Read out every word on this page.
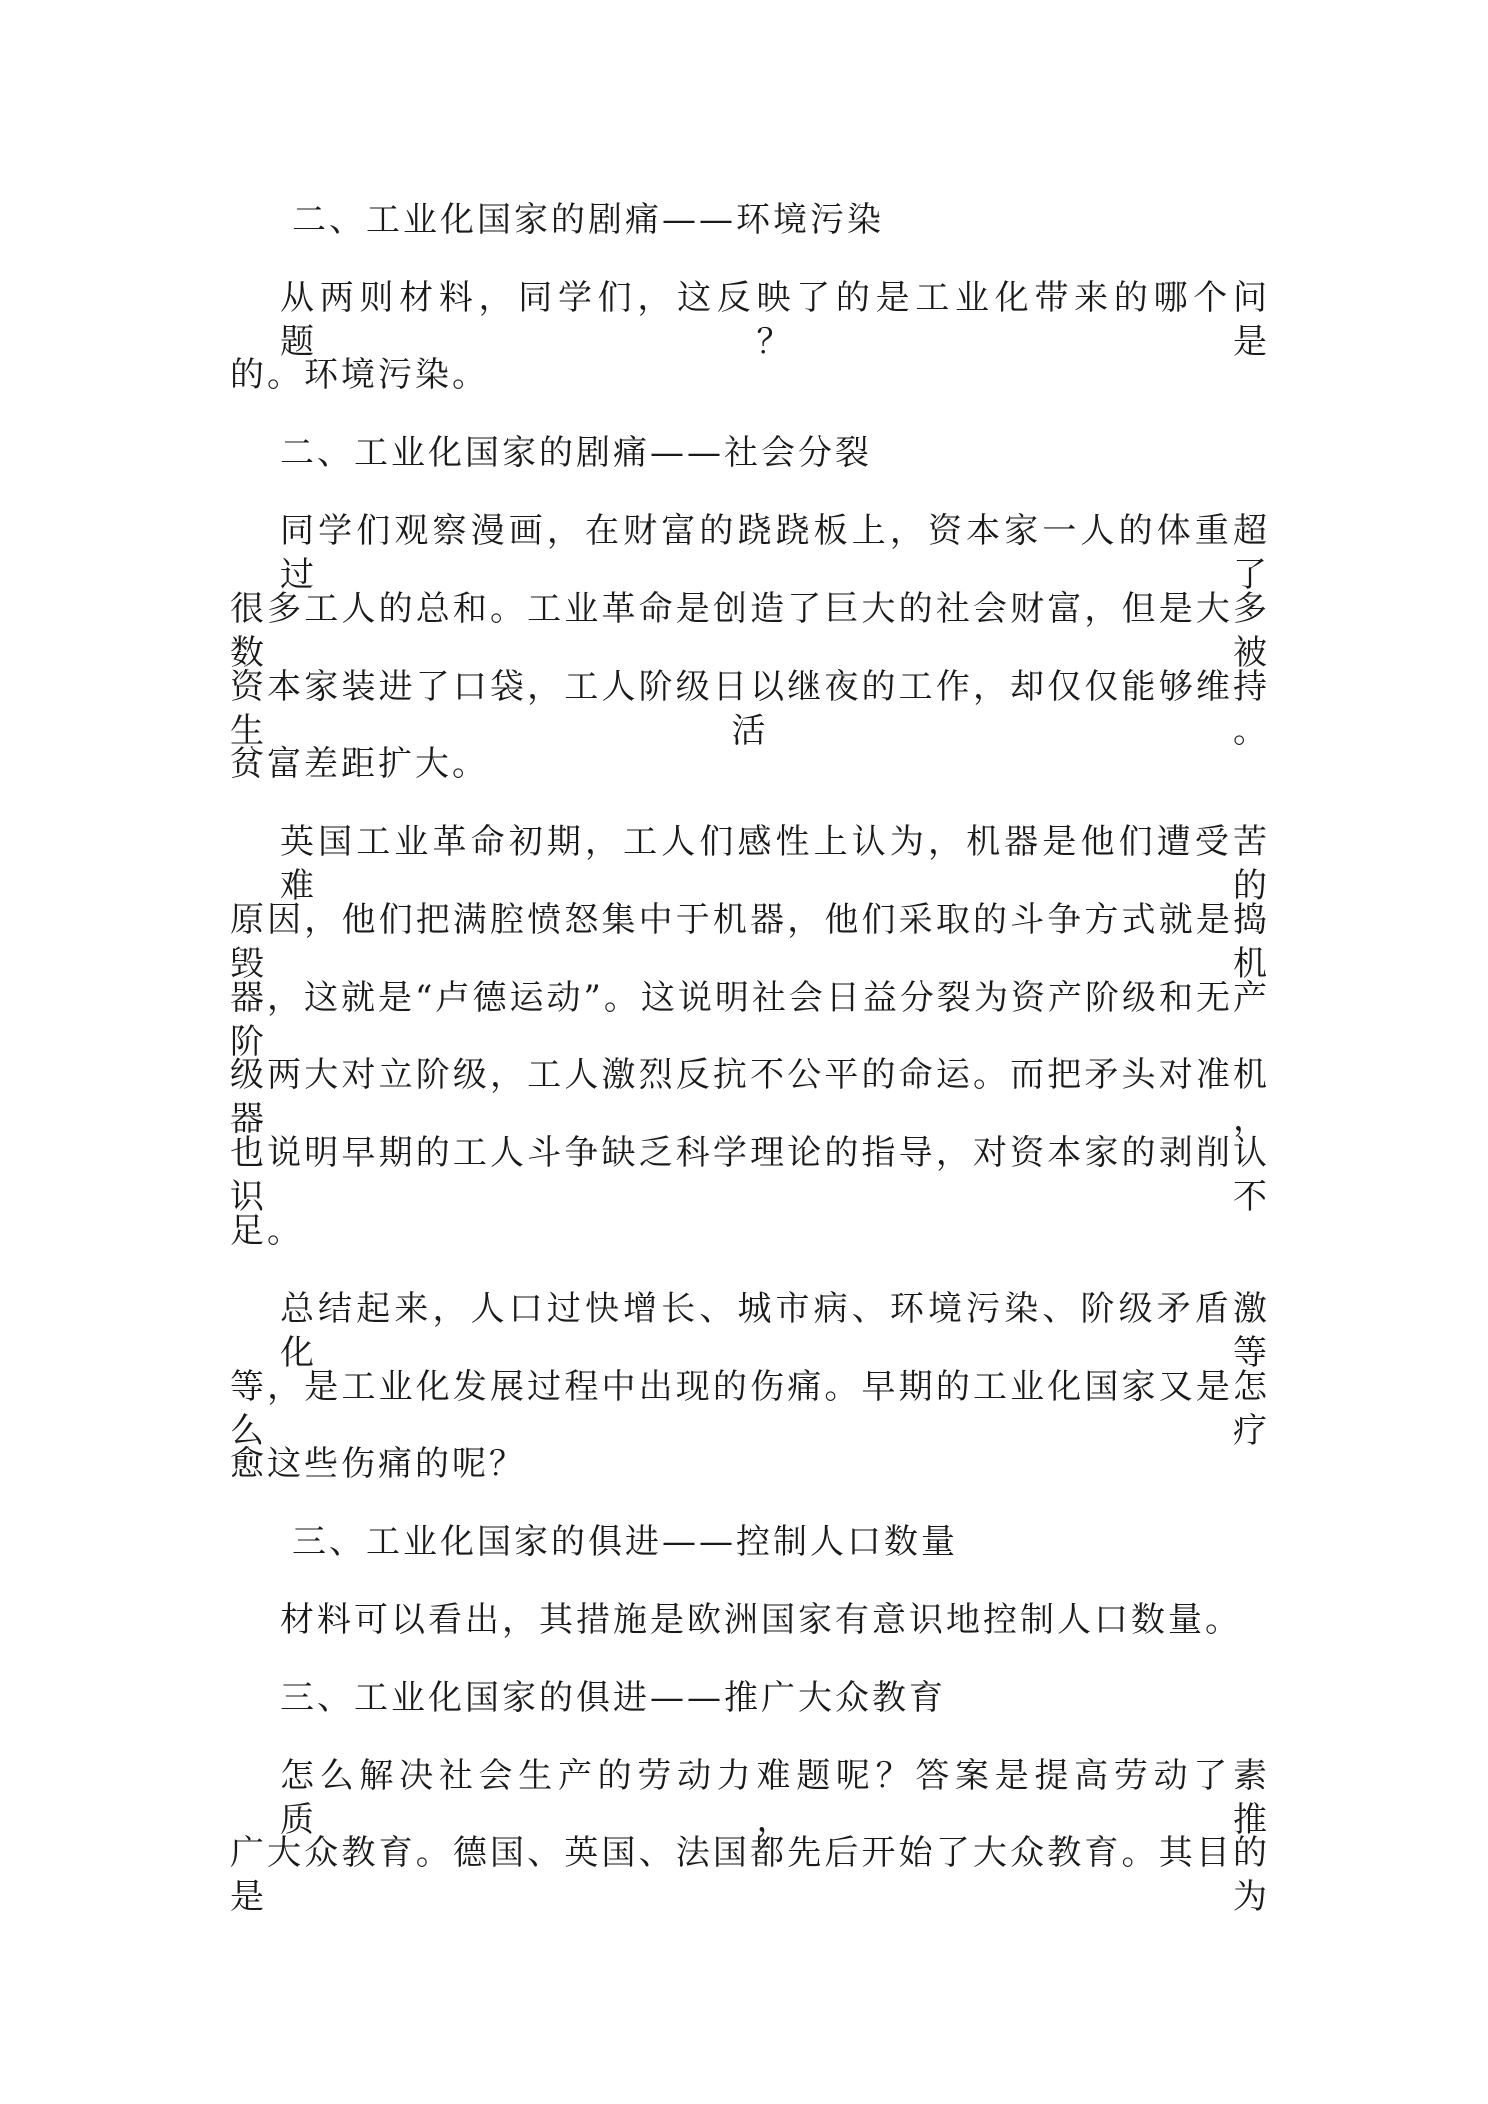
二、工业化国家的剧痛——环境污染
从两则材料，同学们，这反映了的是工业化带来的哪个问题？是
的。环境污染。
二、工业化国家的剧痛——社会分裂
同学们观察漫画，在财富的跷跷板上，资本家一人的体重超过了
很多工人的总和。工业革命是创造了巨大的社会财富，但是大多数被
资本家装进了口袋，工人阶级日以继夜的工作，却仅仅能够维持生活。
贫富差距扩大。
英国工业革命初期，工人们感性上认为，机器是他们遭受苦难的
原因，他们把满腔愤怒集中于机器，他们采取的斗争方式就是捣毁机
器，这就是“卢德运动”。这说明社会日益分裂为资产阶级和无产阶
级两大对立阶级，工人激烈反抗不公平的命运。而把矛头对准机器，
也说明早期的工人斗争缺乏科学理论的指导，对资本家的剥削认识不
足。
总结起来，人口过快增长、城市病、环境污染、阶级矛盾激化等
等，是工业化发展过程中出现的伤痛。早期的工业化国家又是怎么疗
愈这些伤痛的呢？
三、工业化国家的俱进——控制人口数量
材料可以看出，其措施是欧洲国家有意识地控制人口数量。
三、工业化国家的俱进——推广大众教育
怎么解决社会生产的劳动力难题呢？答案是提高劳动了素质，推
广大众教育。德国、英国、法国都先后开始了大众教育。其目的是为
